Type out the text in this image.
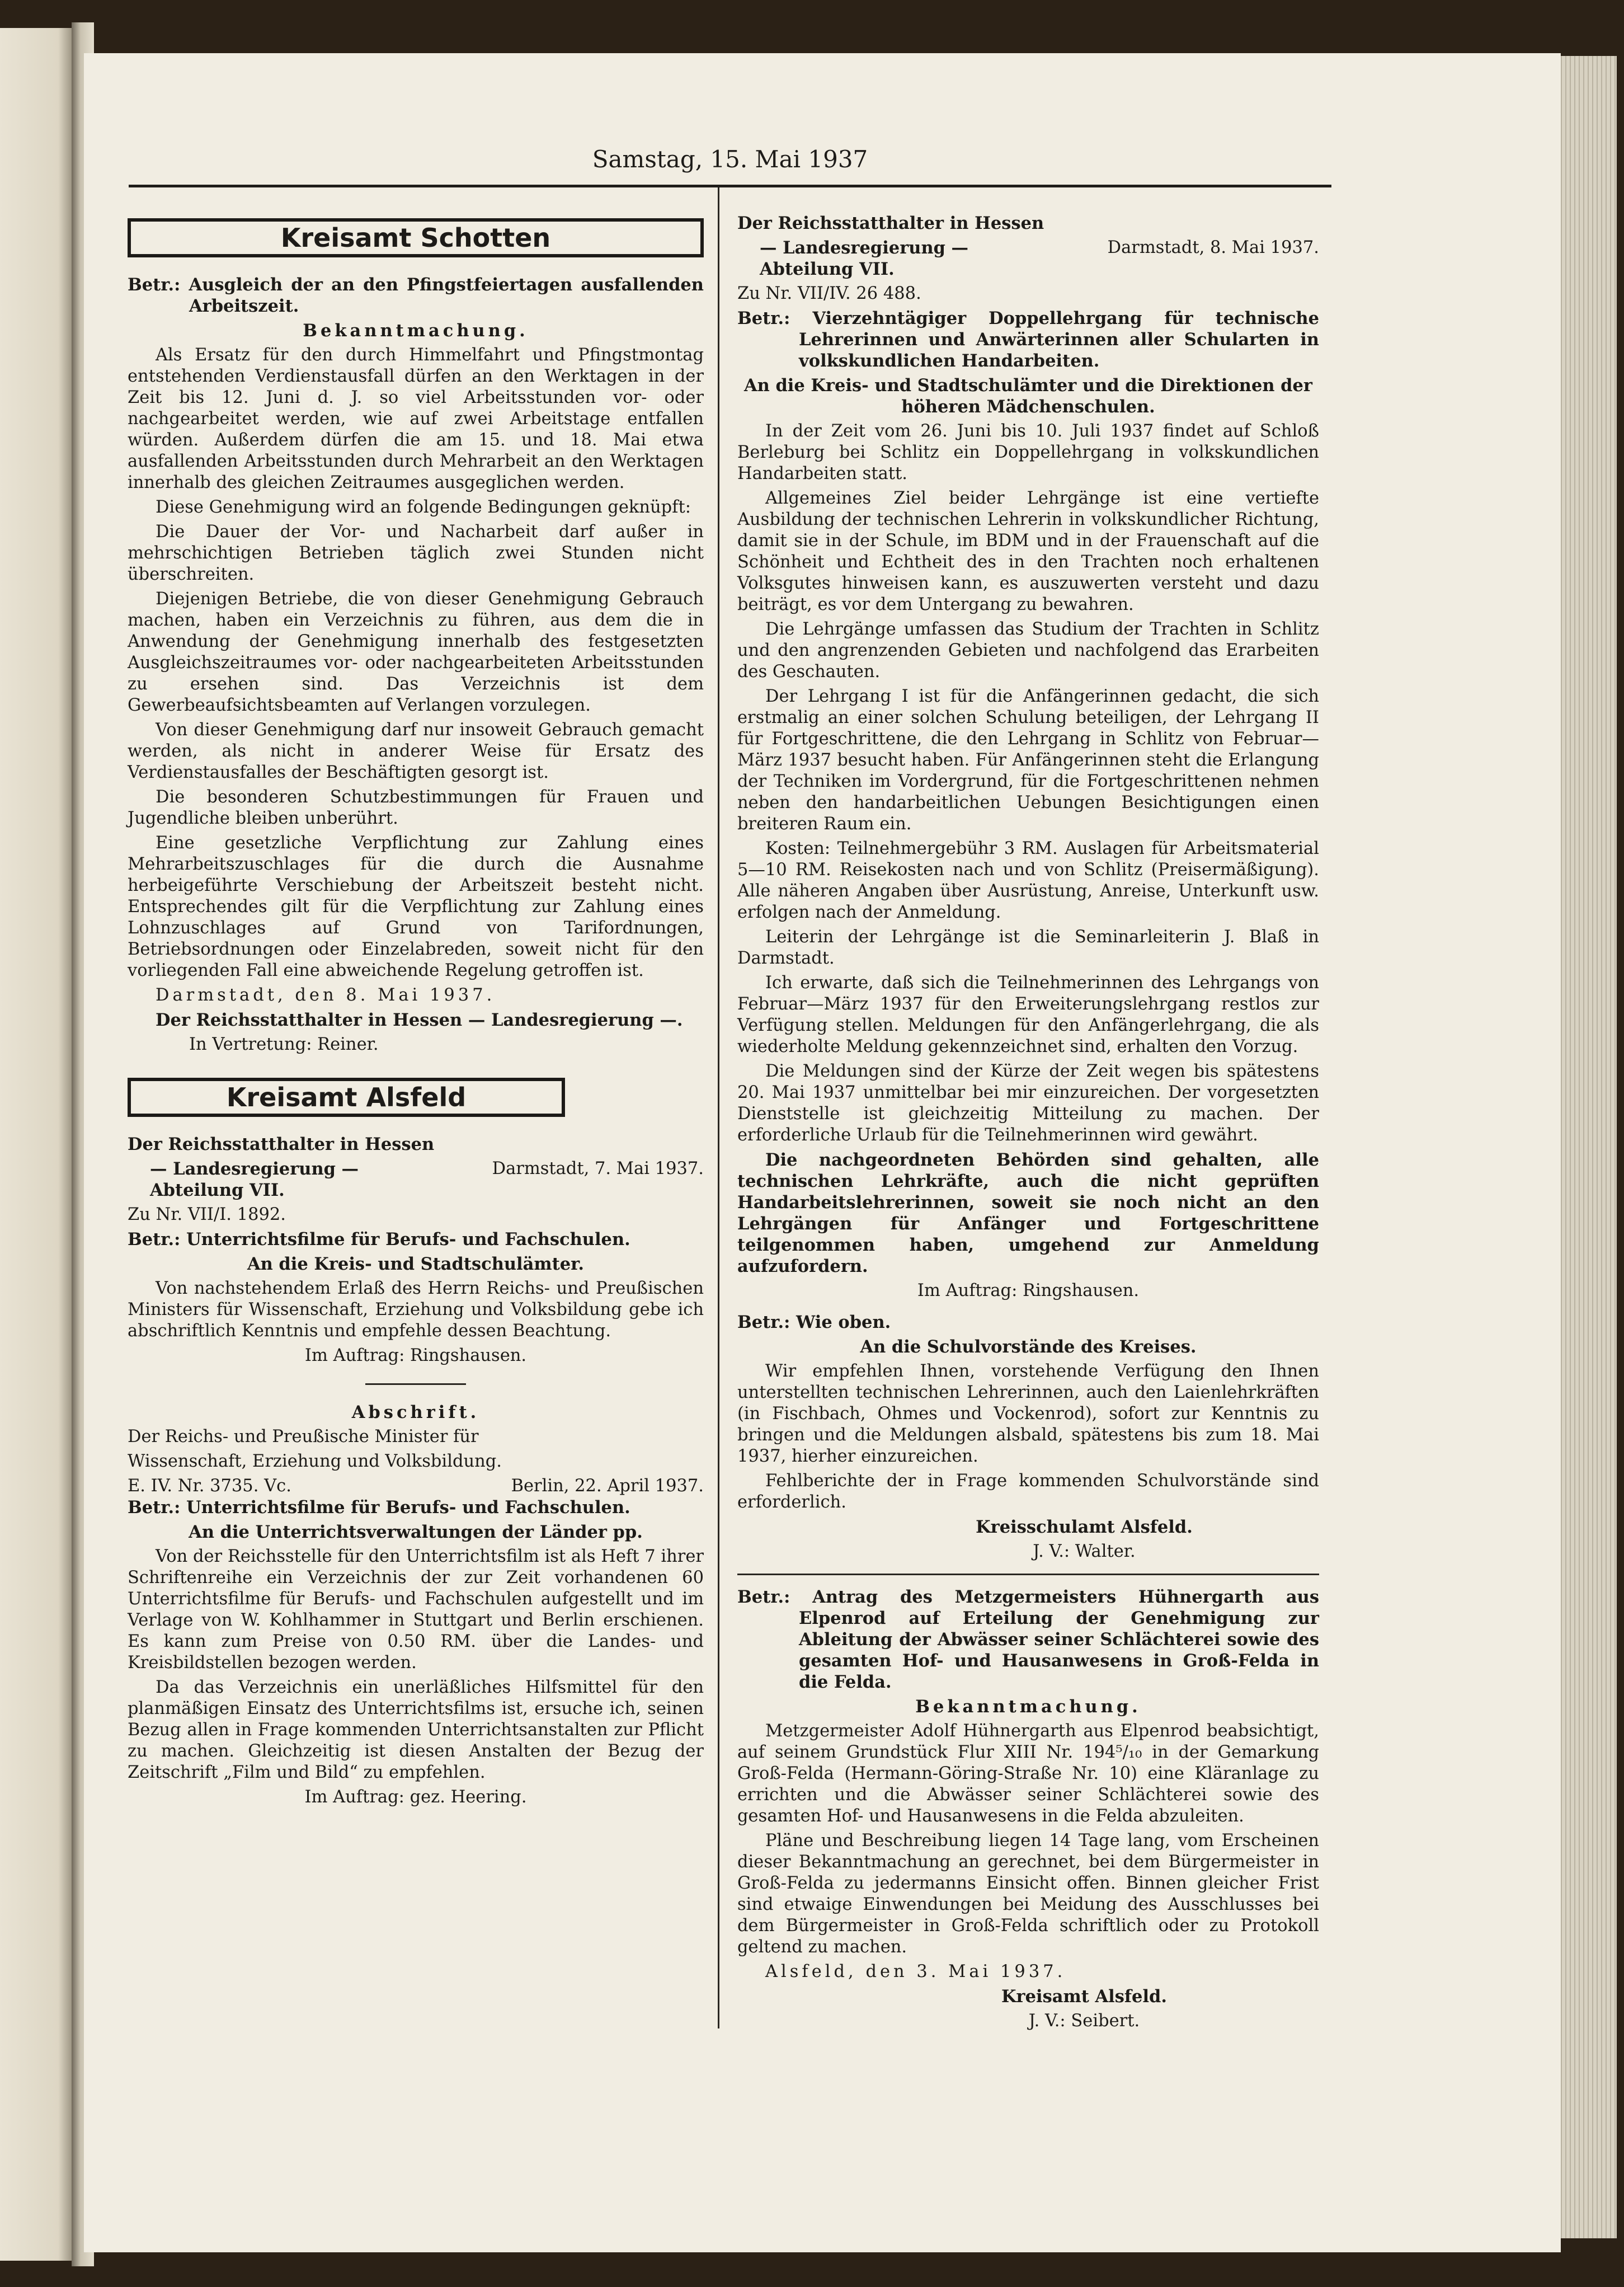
Samstag, 15. Mai 1937
Kreisamt Schotten

Betr.: Ausgleich der an den Pfingstfeiertagen ausfallenden Arbeitszeit.

Bekanntmachung.

Als Ersatz für den durch Himmelfahrt und Pfingstmontag entstehenden Verdienstausfall dürfen an den Werktagen in der Zeit bis 12. Juni d. J. so viel Arbeitsstunden vor- oder nachgearbeitet werden, wie auf zwei Arbeitstage entfallen würden. Außerdem dürfen die am 15. und 18. Mai etwa ausfallenden Arbeitsstunden durch Mehrarbeit an den Werktagen innerhalb des gleichen Zeitraumes ausgeglichen werden.

Diese Genehmigung wird an folgende Bedingungen geknüpft:

Die Dauer der Vor- und Nacharbeit darf außer in mehrschichtigen Betrieben täglich zwei Stunden nicht überschreiten.

Diejenigen Betriebe, die von dieser Genehmigung Gebrauch machen, haben ein Verzeichnis zu führen, aus dem die in Anwendung der Genehmigung innerhalb des festgesetzten Ausgleichszeitraumes vor- oder nachgearbeiteten Arbeitsstunden zu ersehen sind. Das Verzeichnis ist dem Gewerbeaufsichtsbeamten auf Verlangen vorzulegen.

Von dieser Genehmigung darf nur insoweit Gebrauch gemacht werden, als nicht in anderer Weise für Ersatz des Verdienstausfalles der Beschäftigten gesorgt ist.

Die besonderen Schutzbestimmungen für Frauen und Jugendliche bleiben unberührt.

Eine gesetzliche Verpflichtung zur Zahlung eines Mehrarbeitszuschlages für die durch die Ausnahme herbeigeführte Verschiebung der Arbeitszeit besteht nicht. Entsprechendes gilt für die Verpflichtung zur Zahlung eines Lohnzuschlages auf Grund von Tarifordnungen, Betriebsordnungen oder Einzelabreden, soweit nicht für den vorliegenden Fall eine abweichende Regelung getroffen ist.

Darmstadt, den 8. Mai 1937.

Der Reichsstatthalter in Hessen — Landesregierung —.

In Vertretung: Reiner.

Kreisamt Alsfeld

Der Reichsstatthalter in Hessen

— Landesregierung —	Darmstadt, 7. Mai 1937.

Abteilung VII.

Zu Nr. VII/I. 1892.

Betr.: Unterrichtsfilme für Berufs- und Fachschulen.

An die Kreis- und Stadtschulämter.

Von nachstehendem Erlaß des Herrn Reichs- und Preußischen Ministers für Wissenschaft, Erziehung und Volksbildung gebe ich abschriftlich Kenntnis und empfehle dessen Beachtung.

Im Auftrag: Ringshausen.

Abschrift.

Der Reichs- und Preußische Minister für

Wissenschaft, Erziehung und Volksbildung.

E. IV. Nr. 3735. Vc.	Berlin, 22. April 1937.

Betr.: Unterrichtsfilme für Berufs- und Fachschulen.

An die Unterrichtsverwaltungen der Länder pp.

Von der Reichsstelle für den Unterrichtsfilm ist als Heft 7 ihrer Schriftenreihe ein Verzeichnis der zur Zeit vorhandenen 60 Unterrichtsfilme für Berufs- und Fachschulen aufgestellt und im Verlage von W. Kohlhammer in Stuttgart und Berlin erschienen. Es kann zum Preise von 0.50 RM. über die Landes- und Kreisbildstellen bezogen werden.

Da das Verzeichnis ein unerläßliches Hilfsmittel für den planmäßigen Einsatz des Unterrichtsfilms ist, ersuche ich, seinen Bezug allen in Frage kommenden Unterrichtsanstalten zur Pflicht zu machen. Gleichzeitig ist diesen Anstalten der Bezug der Zeitschrift „Film und Bild“ zu empfehlen.

Im Auftrag: gez. Heering.

Der Reichsstatthalter in Hessen

— Landesregierung —	Darmstadt, 8. Mai 1937.

Abteilung VII.

Zu Nr. VII/IV. 26 488.

Betr.: Vierzehntägiger Doppellehrgang für technische Lehrerinnen und Anwärterinnen aller Schularten in volkskundlichen Handarbeiten.

An die Kreis- und Stadtschulämter und die Direktionen der höheren Mädchenschulen.

In der Zeit vom 26. Juni bis 10. Juli 1937 findet auf Schloß Berleburg bei Schlitz ein Doppellehrgang in volkskundlichen Handarbeiten statt.

Allgemeines Ziel beider Lehrgänge ist eine vertiefte Ausbildung der technischen Lehrerin in volkskundlicher Richtung, damit sie in der Schule, im BDM und in der Frauenschaft auf die Schönheit und Echtheit des in den Trachten noch erhaltenen Volksgutes hinweisen kann, es auszuwerten versteht und dazu beiträgt, es vor dem Untergang zu bewahren.

Die Lehrgänge umfassen das Studium der Trachten in Schlitz und den angrenzenden Gebieten und nachfolgend das Erarbeiten des Geschauten.

Der Lehrgang I ist für die Anfängerinnen gedacht, die sich erstmalig an einer solchen Schulung beteiligen, der Lehrgang II für Fortgeschrittene, die den Lehrgang in Schlitz von Februar—März 1937 besucht haben. Für Anfängerinnen steht die Erlangung der Techniken im Vordergrund, für die Fortgeschrittenen nehmen neben den handarbeitlichen Uebungen Besichtigungen einen breiteren Raum ein.

Kosten: Teilnehmergebühr 3 RM. Auslagen für Arbeitsmaterial 5—10 RM. Reisekosten nach und von Schlitz (Preisermäßigung). Alle näheren Angaben über Ausrüstung, Anreise, Unterkunft usw. erfolgen nach der Anmeldung.

Leiterin der Lehrgänge ist die Seminarleiterin J. Blaß in Darmstadt.

Ich erwarte, daß sich die Teilnehmerinnen des Lehrgangs von Februar—März 1937 für den Erweiterungslehrgang restlos zur Verfügung stellen. Meldungen für den Anfängerlehrgang, die als wiederholte Meldung gekennzeichnet sind, erhalten den Vorzug.

Die Meldungen sind der Kürze der Zeit wegen bis spätestens 20. Mai 1937 unmittelbar bei mir einzureichen. Der vorgesetzten Dienststelle ist gleichzeitig Mitteilung zu machen. Der erforderliche Urlaub für die Teilnehmerinnen wird gewährt.

Die nachgeordneten Behörden sind gehalten, alle technischen Lehrkräfte, auch die nicht geprüften Handarbeitslehrerinnen, soweit sie noch nicht an den Lehrgängen für Anfänger und Fortgeschrittene teilgenommen haben, umgehend zur Anmeldung aufzufordern.

Im Auftrag: Ringshausen.

Betr.: Wie oben.

An die Schulvorstände des Kreises.

Wir empfehlen Ihnen, vorstehende Verfügung den Ihnen unterstellten technischen Lehrerinnen, auch den Laienlehrkräften (in Fischbach, Ohmes und Vockenrod), sofort zur Kenntnis zu bringen und die Meldungen alsbald, spätestens bis zum 18. Mai 1937, hierher einzureichen.

Fehlberichte der in Frage kommenden Schulvorstände sind erforderlich.

Kreisschulamt Alsfeld.

J. V.: Walter.

Betr.: Antrag des Metzgermeisters Hühnergarth aus Elpenrod auf Erteilung der Genehmigung zur Ableitung der Abwässer seiner Schlächterei sowie des gesamten Hof- und Hausanwesens in Groß-Felda in die Felda.

Bekanntmachung.

Metzgermeister Adolf Hühnergarth aus Elpenrod beabsichtigt, auf seinem Grundstück Flur XIII Nr. 194⁵/₁₀ in der Gemarkung Groß-Felda (Hermann-Göring-Straße Nr. 10) eine Kläranlage zu errichten und die Abwässer seiner Schlächterei sowie des gesamten Hof- und Hausanwesens in die Felda abzuleiten.

Pläne und Beschreibung liegen 14 Tage lang, vom Erscheinen dieser Bekanntmachung an gerechnet, bei dem Bürgermeister in Groß-Felda zu jedermanns Einsicht offen. Binnen gleicher Frist sind etwaige Einwendungen bei Meidung des Ausschlusses bei dem Bürgermeister in Groß-Felda schriftlich oder zu Protokoll geltend zu machen.

Alsfeld, den 3. Mai 1937.

Kreisamt Alsfeld.

J. V.: Seibert.
